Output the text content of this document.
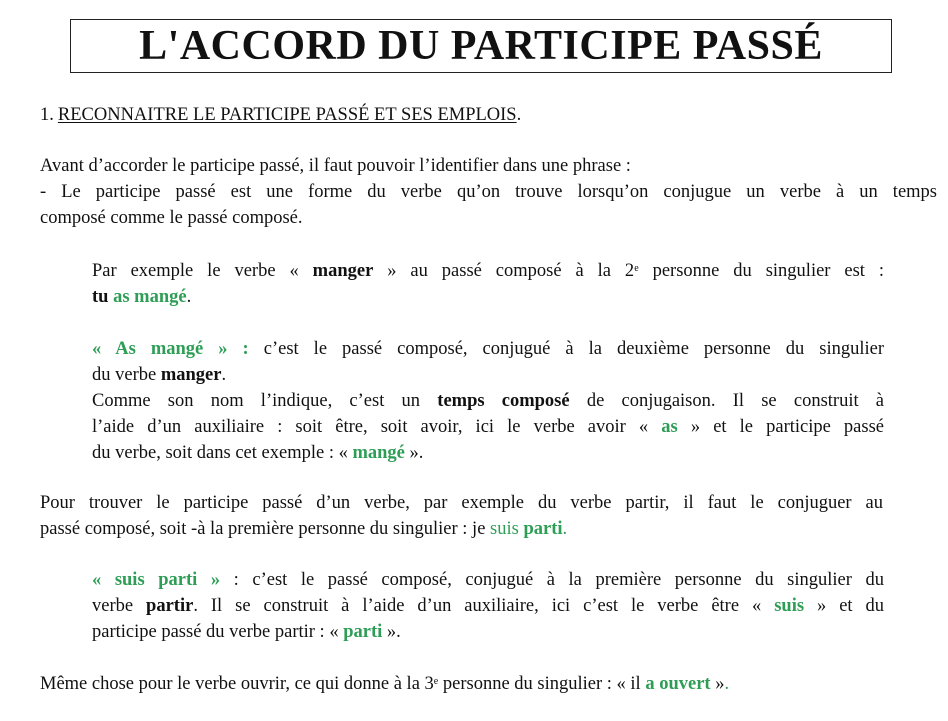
L'ACCORD DU PARTICIPE PASSÉ
1. RECONNAITRE LE PARTICIPE PASSÉ ET SES EMPLOIS.
Avant d’accorder le participe passé, il faut pouvoir l’identifier dans une phrase :
- Le participe passé est une forme du verbe qu’on trouve lorsqu’on conjugue un verbe à un temps
composé comme le passé composé.
Par exemple le verbe « manger » au passé composé à la 2e personne du singulier est :
tu as mangé.
« As mangé » : c’est le passé composé, conjugué à la deuxième personne du singulier
du verbe manger.
Comme son nom l’indique, c’est un temps composé de conjugaison. Il se construit à
l’aide d’un auxiliaire : soit être, soit avoir, ici le verbe avoir « as » et le participe passé
du verbe, soit dans cet exemple : « mangé ».
Pour trouver le participe passé d’un verbe, par exemple du verbe partir, il faut le conjuguer au
passé composé, soit -à la première personne du singulier : je suis parti.
« suis parti » : c’est le passé composé, conjugué à la première personne du singulier du
verbe partir. Il se construit à l’aide d’un auxiliaire, ici c’est le verbe être « suis » et du
participe passé du verbe partir : « parti ».
Même chose pour le verbe ouvrir, ce qui donne à la 3e personne du singulier : « il a ouvert ».
